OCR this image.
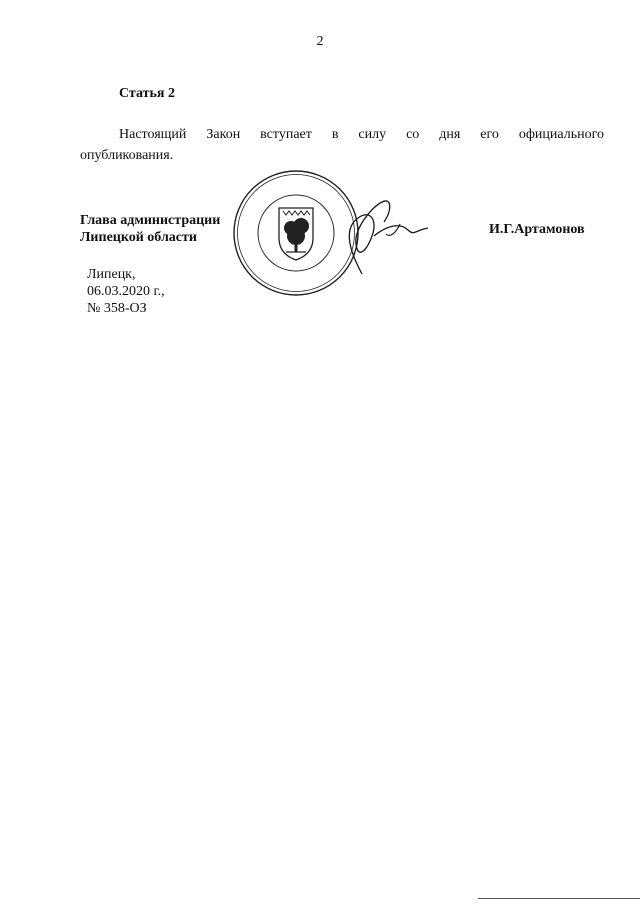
2
Статья 2
Настоящий Закон вступает в силу со дня его официального
опубликования.
Глава администрации
Липецкой области
И.Г.Артамонов
Липецк,
06.03.2020 г.,
№ 358-ОЗ
